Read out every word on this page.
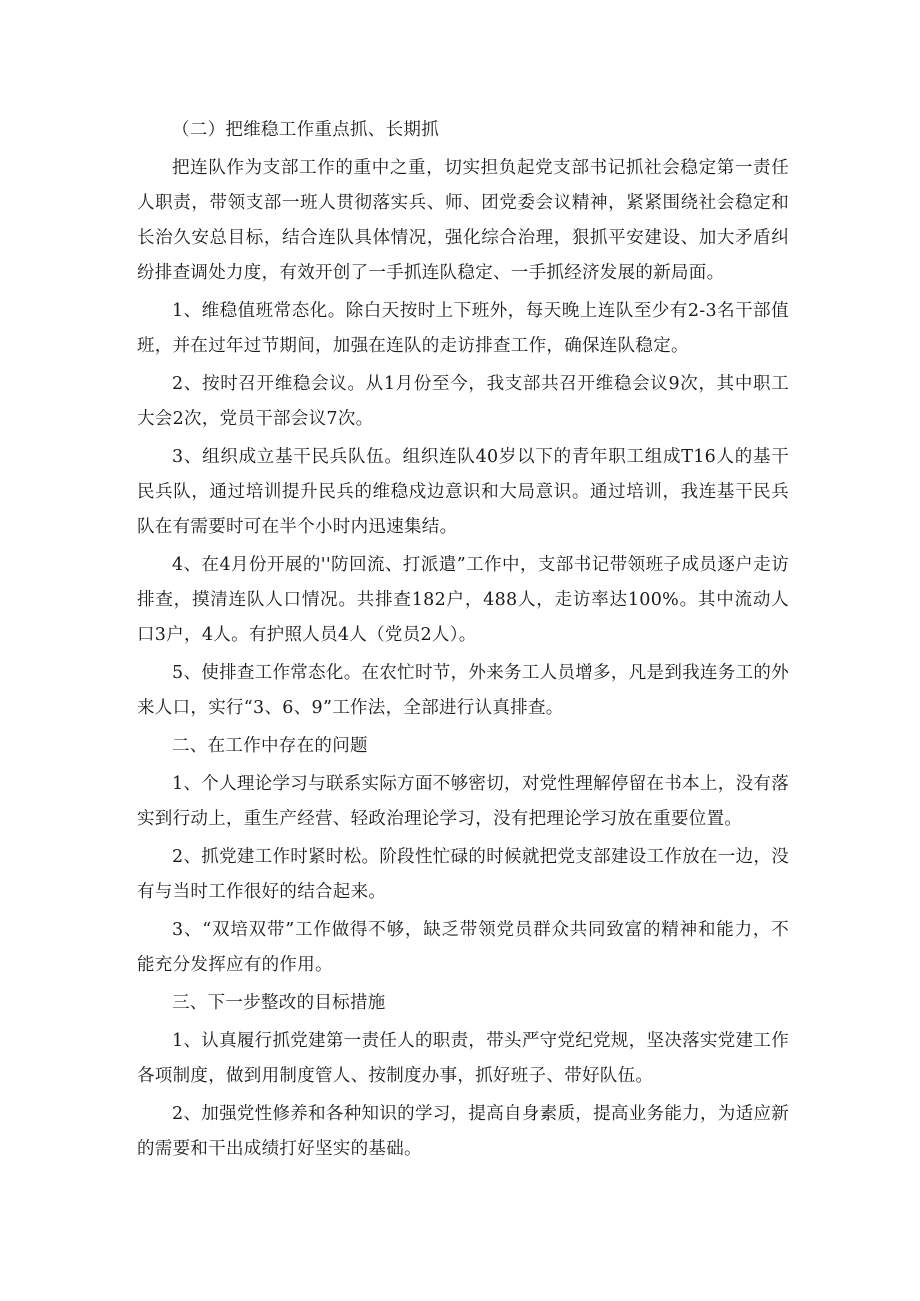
（二）把维稳工作重点抓、长期抓

把连队作为支部工作的重中之重，切实担负起党支部书记抓社会稳定第一责任人职责，带领支部一班人贯彻落实兵、师、团党委会议精神，紧紧围绕社会稳定和长治久安总目标，结合连队具体情况，强化综合治理，狠抓平安建设、加大矛盾纠纷排查调处力度，有效开创了一手抓连队稳定、一手抓经济发展的新局面。

1、维稳值班常态化。除白天按时上下班外，每天晚上连队至少有2-3名干部值班，并在过年过节期间，加强在连队的走访排查工作，确保连队稳定。

2、按时召开维稳会议。从1月份至今，我支部共召开维稳会议9次，其中职工大会2次，党员干部会议7次。

3、组织成立基干民兵队伍。组织连队40岁以下的青年职工组成T16人的基干民兵队，通过培训提升民兵的维稳戍边意识和大局意识。通过培训，我连基干民兵队在有需要时可在半个小时内迅速集结。

4、在4月份开展的''防回流、打派遣”工作中，支部书记带领班子成员逐户走访排查，摸清连队人口情况。共排查182户，488人，走访率达100%。其中流动人口3户，4人。有护照人员4人（党员2人）。

5、使排查工作常态化。在农忙时节，外来务工人员增多，凡是到我连务工的外来人口，实行“3、6、9”工作法，全部进行认真排查。

二、在工作中存在的问题

1、个人理论学习与联系实际方面不够密切，对党性理解停留在书本上，没有落实到行动上，重生产经营、轻政治理论学习，没有把理论学习放在重要位置。

2、抓党建工作时紧时松。阶段性忙碌的时候就把党支部建设工作放在一边，没有与当时工作很好的结合起来。

3、“双培双带”工作做得不够，缺乏带领党员群众共同致富的精神和能力，不能充分发挥应有的作用。

三、下一步整改的目标措施

1、认真履行抓党建第一责任人的职责，带头严守党纪党规，坚决落实党建工作各项制度，做到用制度管人、按制度办事，抓好班子、带好队伍。

2、加强党性修养和各种知识的学习，提高自身素质，提高业务能力，为适应新的需要和干出成绩打好坚实的基础。
